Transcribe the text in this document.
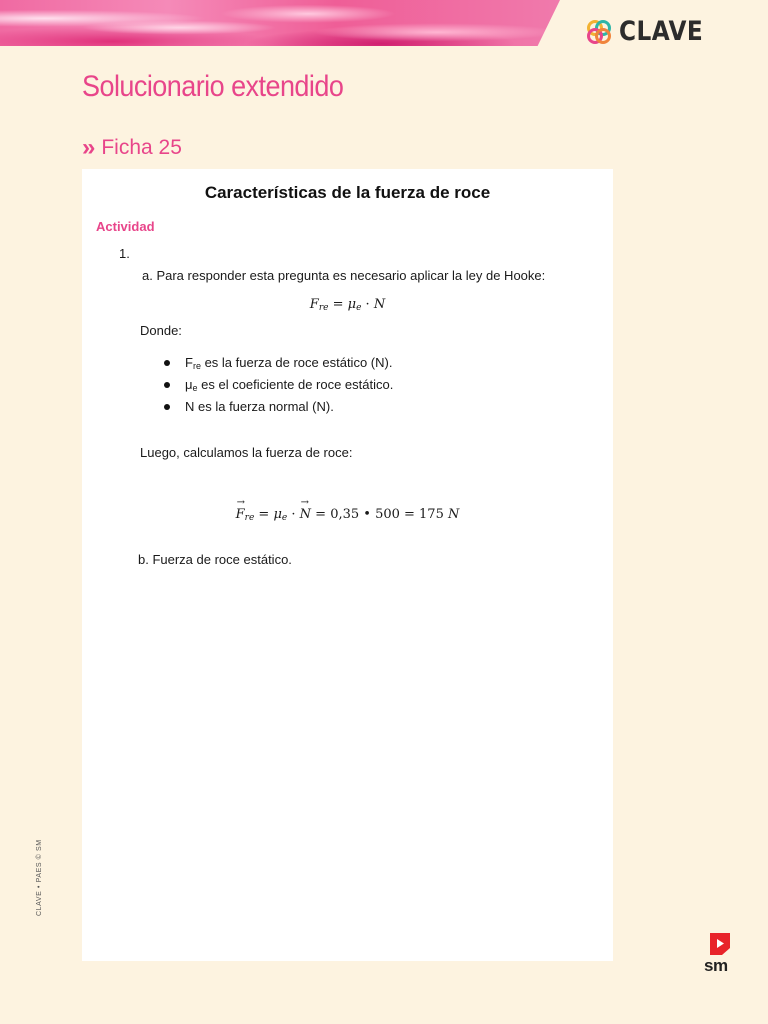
CLAVE
Solucionario extendido
» Ficha 25
Características de la fuerza de roce
Actividad
1.
a. Para responder esta pregunta es necesario aplicar la ley de Hooke:
$F_{re} = \mu_e \cdot N$
Donde:
$F_{re}$ es la fuerza de roce estático (N).
$\mu_e$ es el coeficiente de roce estático.
N es la fuerza normal (N).
Luego, calculamos la fuerza de roce:
→ $F_{re} = \mu_e$ · → N = 0,35 • 500 = 175 N
b. Fuerza de roce estático.
CLAVE • PAES © SM
sm
